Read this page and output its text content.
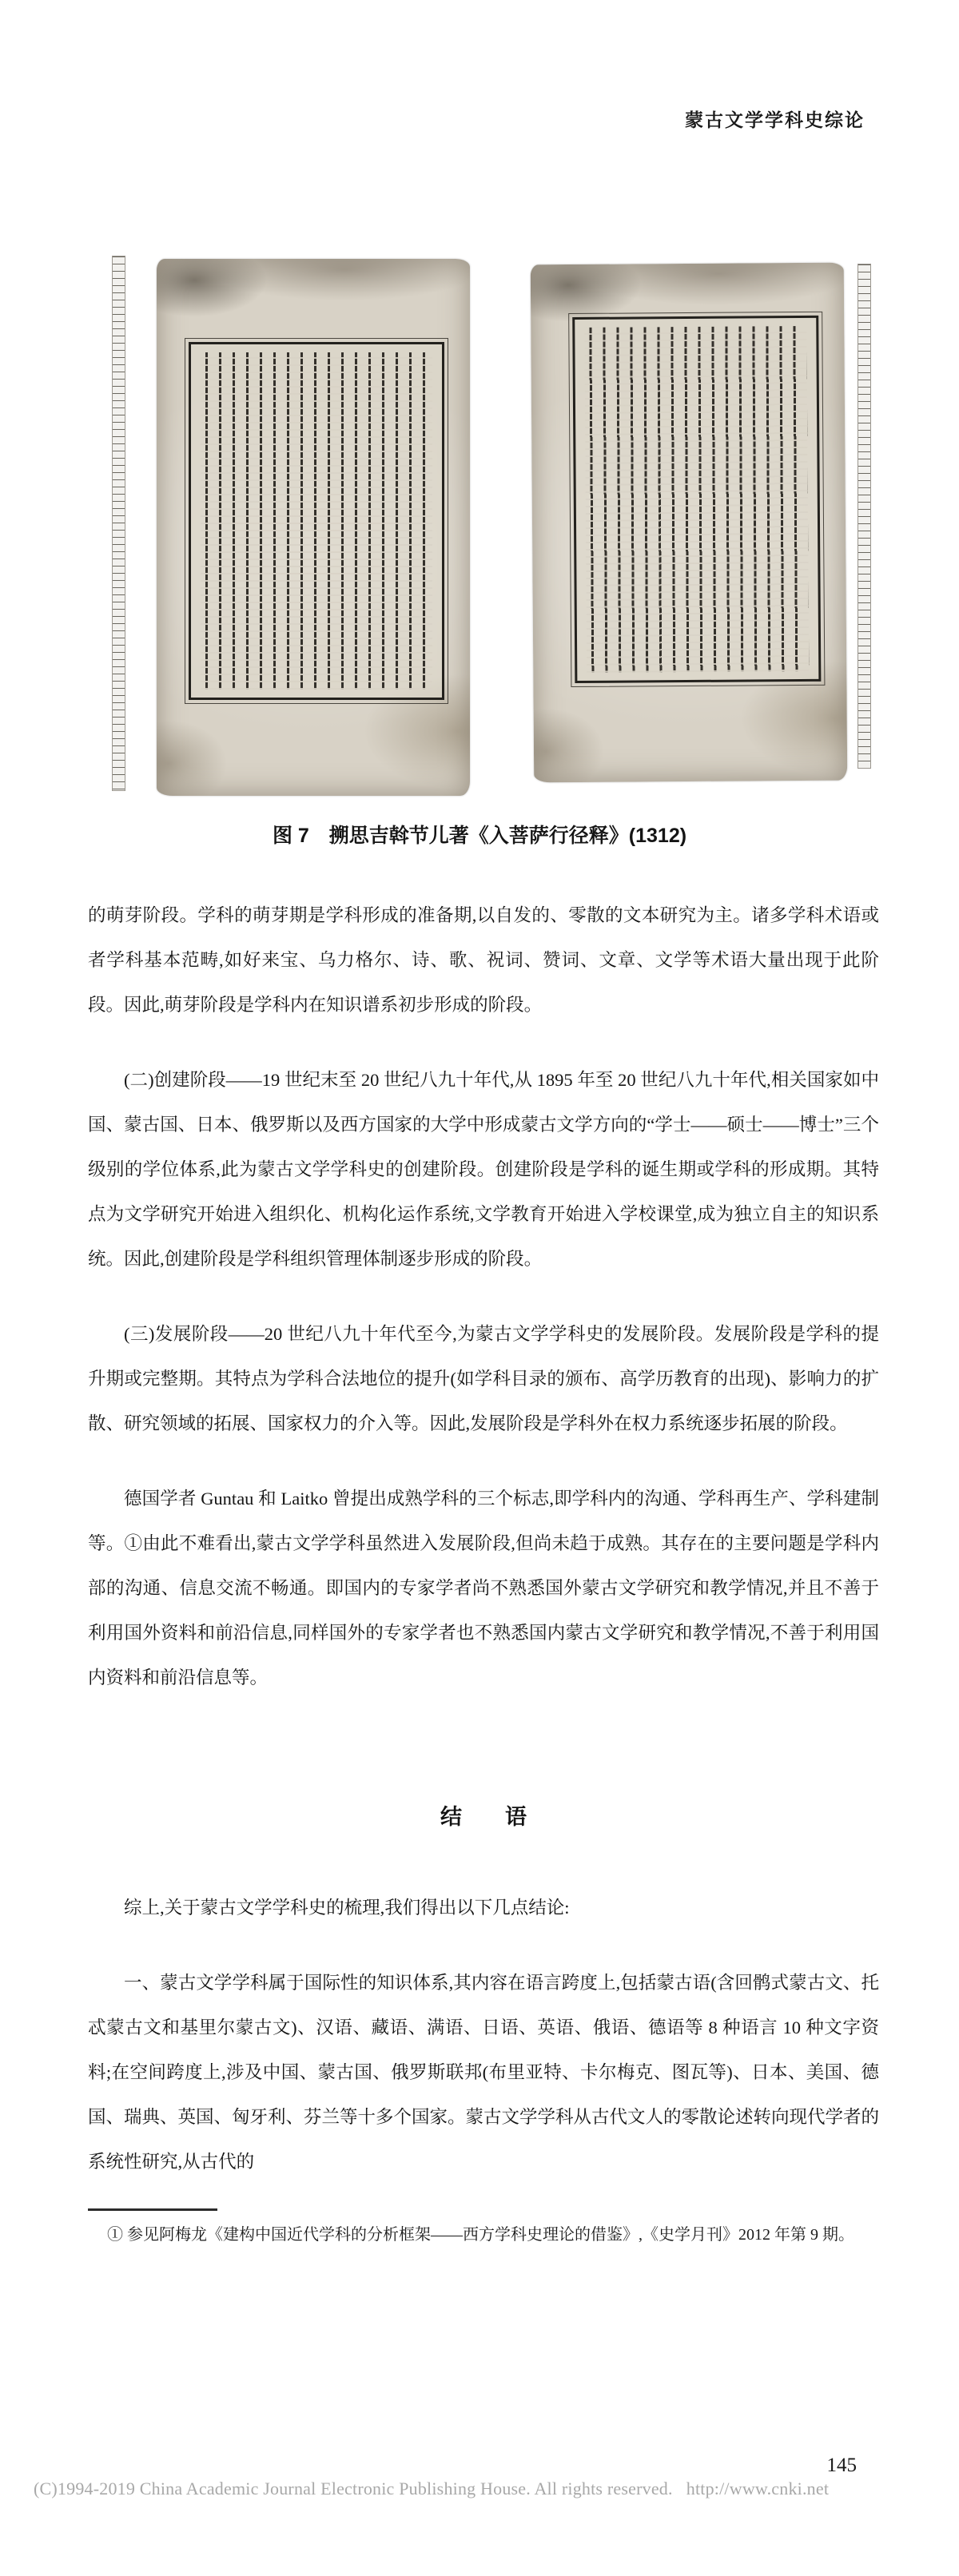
蒙古文学学科史综论
图 7　搠思吉斡节儿著《入菩萨行径释》(1312)

的萌芽阶段。学科的萌芽期是学科形成的准备期,以自发的、零散的文本研究为主。诸多学科术语或者学科基本范畴,如好来宝、乌力格尔、诗、歌、祝词、赞词、文章、文学等术语大量出现于此阶段。因此,萌芽阶段是学科内在知识谱系初步形成的阶段。

(二)创建阶段——19 世纪末至 20 世纪八九十年代,从 1895 年至 20 世纪八九十年代,相关国家如中国、蒙古国、日本、俄罗斯以及西方国家的大学中形成蒙古文学方向的“学士——硕士——博士”三个级别的学位体系,此为蒙古文学学科史的创建阶段。创建阶段是学科的诞生期或学科的形成期。其特点为文学研究开始进入组织化、机构化运作系统,文学教育开始进入学校课堂,成为独立自主的知识系统。因此,创建阶段是学科组织管理体制逐步形成的阶段。

(三)发展阶段——20 世纪八九十年代至今,为蒙古文学学科史的发展阶段。发展阶段是学科的提升期或完整期。其特点为学科合法地位的提升(如学科目录的颁布、高学历教育的出现)、影响力的扩散、研究领域的拓展、国家权力的介入等。因此,发展阶段是学科外在权力系统逐步拓展的阶段。

德国学者 Guntau 和 Laitko 曾提出成熟学科的三个标志,即学科内的沟通、学科再生产、学科建制等。①由此不难看出,蒙古文学学科虽然进入发展阶段,但尚未趋于成熟。其存在的主要问题是学科内部的沟通、信息交流不畅通。即国内的专家学者尚不熟悉国外蒙古文学研究和教学情况,并且不善于利用国外资料和前沿信息,同样国外的专家学者也不熟悉国内蒙古文学研究和教学情况,不善于利用国内资料和前沿信息等。

结　　语

综上,关于蒙古文学学科史的梳理,我们得出以下几点结论:

一、蒙古文学学科属于国际性的知识体系,其内容在语言跨度上,包括蒙古语(含回鹘式蒙古文、托忒蒙古文和基里尔蒙古文)、汉语、藏语、满语、日语、英语、俄语、德语等 8 种语言 10 种文字资料;在空间跨度上,涉及中国、蒙古国、俄罗斯联邦(布里亚特、卡尔梅克、图瓦等)、日本、美国、德国、瑞典、英国、匈牙利、芬兰等十多个国家。蒙古文学学科从古代文人的零散论述转向现代学者的系统性研究,从古代的

① 参见阿梅龙《建构中国近代学科的分析框架——西方学科史理论的借鉴》,《史学月刊》2012 年第 9 期。

145
(C)1994-2019 China Academic Journal Electronic Publishing House. All rights reserved.   http://www.cnki.net
